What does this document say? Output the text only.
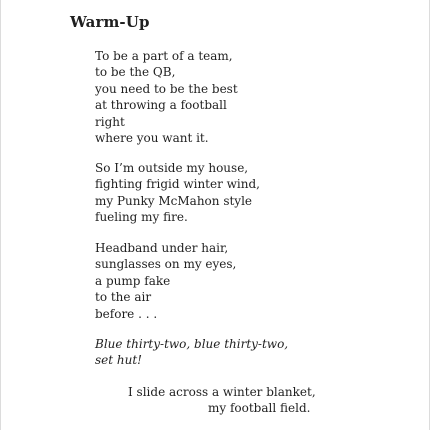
Warm-Up
To be a part of a team,
to be the QB,
you need to be the best
at throwing a football
right
where you want it.
So I’m outside my house,
fighting frigid winter wind,
my Punky McMahon style
fueling my fire.
Headband under hair,
sunglasses on my eyes,
a pump fake
to the air
before . . .
Blue thirty-two, blue thirty-two,
set hut!
I slide across a winter blanket,
my football field.
